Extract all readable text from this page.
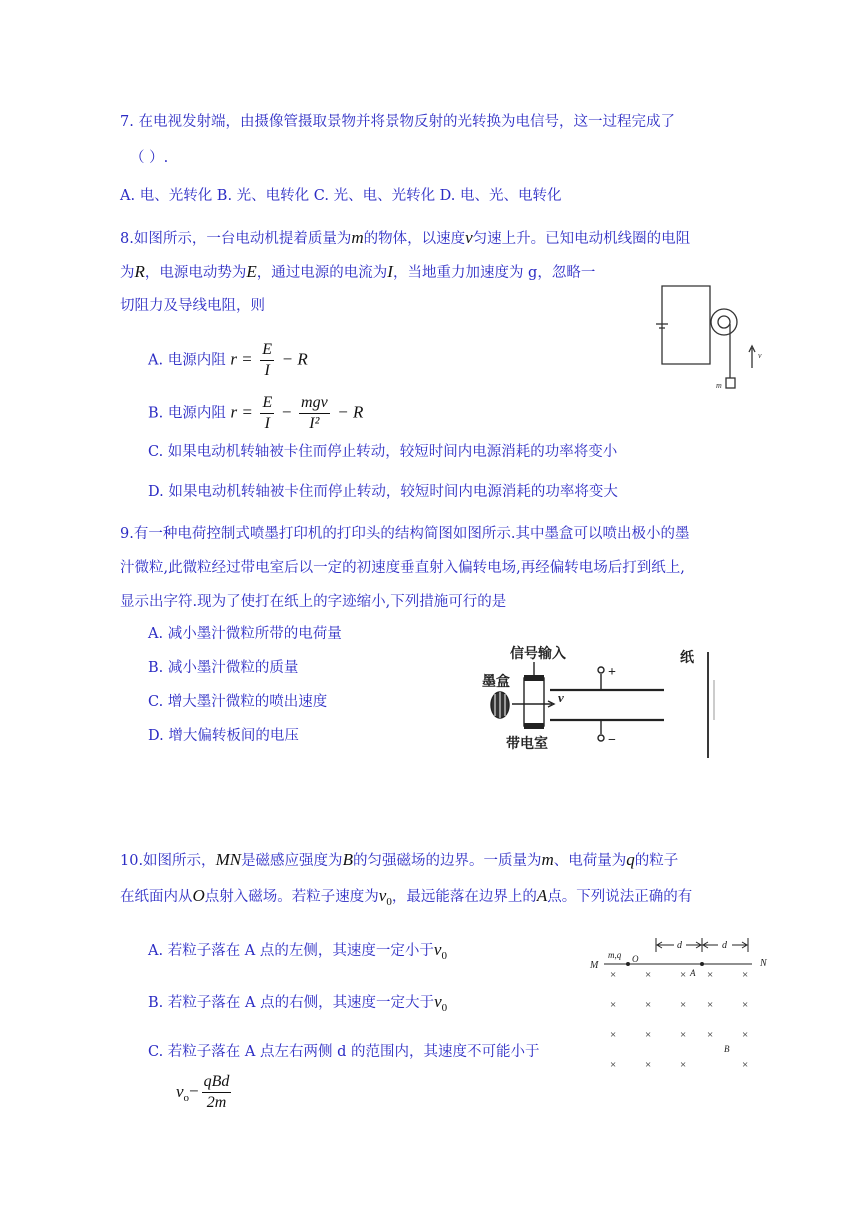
7. 在电视发射端，由摄像管摄取景物并将景物反射的光转换为电信号，这一过程完成了
（ ）.
A. 电、光转化 B. 光、电转化 C. 光、电、光转化 D. 电、光、电转化
8.如图所示，一台电动机提着质量为m的物体，以速度v匀速上升。已知电动机线圈的电阻
为R，电源电动势为E，通过电源的电流为I，当地重力加速度为 g，忽略一
切阻力及导线电阻，则
A. 电源内阻 $r = \frac{E}{I} - R$
B. 电源内阻 $r = \frac{E}{I} - \frac{\text{mgv}}{\text{I²}} - R$
C. 如果电动机转轴被卡住而停止转动，较短时间内电源消耗的功率将变小
D. 如果电动机转轴被卡住而停止转动，较短时间内电源消耗的功率将变大
v
m
9.有一种电荷控制式喷墨打印机的打印头的结构简图如图所示.其中墨盒可以喷出极小的墨
汁微粒,此微粒经过带电室后以一定的初速度垂直射入偏转电场,再经偏转电场后打到纸上,
显示出字符.现为了使打在纸上的字迹缩小,下列措施可行的是
A. 减小墨汁微粒所带的电荷量
B. 减小墨汁微粒的质量
C. 增大墨汁微粒的喷出速度
D. 增大偏转板间的电压
信号输入
墨盒
带电室
纸
v
+
−
10.如图所示，MN是磁感应强度为B的匀强磁场的边界。一质量为m、电荷量为q的粒子
在纸面内从O点射入磁场。若粒子速度为$v_0$，最远能落在边界上的A点。下列说法正确的有
A. 若粒子落在 A 点的左侧，其速度一定小于$v_0$
B. 若粒子落在 A 点的右侧，其速度一定大于$v_0$
C. 若粒子落在 A 点左右两侧 d 的范围内，其速度不可能小于
$v_o- \frac{\text{qBd}}{2m}$
M	N
m,q O
A
d	d
B
×	×	× ×	×
×	×	× ×	×
×	×	× ×	×
×	×	×	×
